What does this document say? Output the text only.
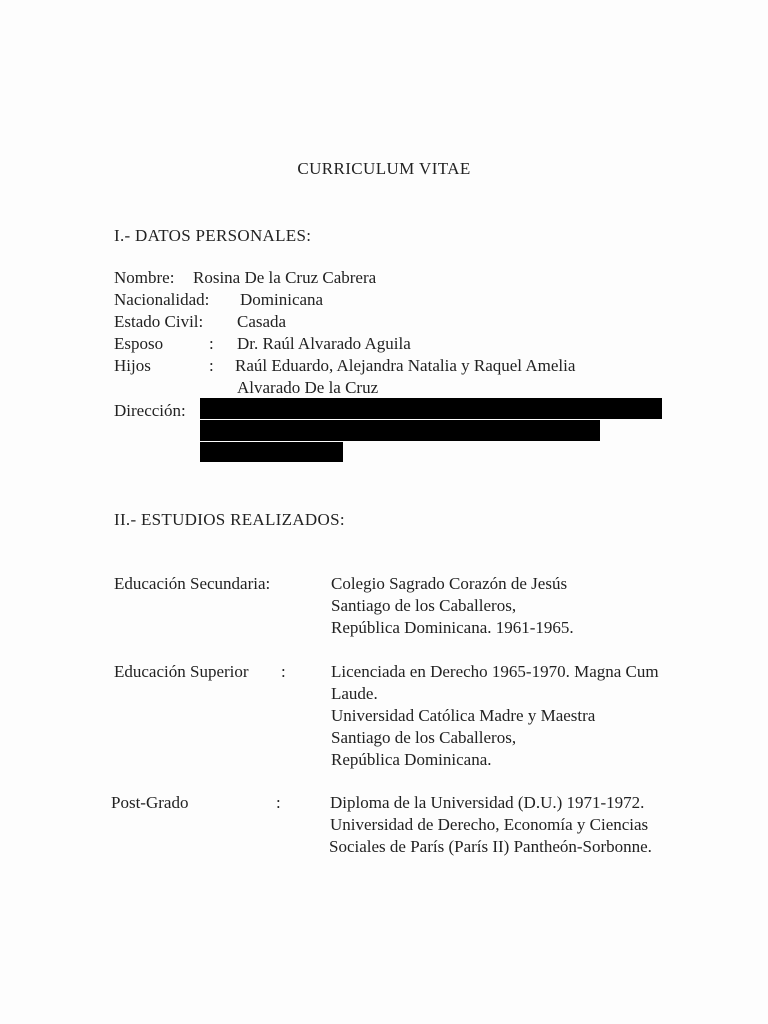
CURRICULUM VITAE
I.- DATOS PERSONALES:
Nombre: Rosina De la Cruz Cabrera
Nacionalidad: Dominicana
Estado Civil: Casada
Esposo	: Dr. Raúl Alvarado Aguila
Hijos	: Raúl Eduardo, Alejandra Natalia y Raquel Amelia
Alvarado De la Cruz
Dirección:
II.- ESTUDIOS REALIZADOS:
Educación Secundaria:	Colegio Sagrado Corazón de Jesús
Santiago de los Caballeros,
República Dominicana. 1961-1965.
Educación Superior :	Licenciada en Derecho 1965-1970. Magna Cum
Laude.
Universidad Católica Madre y Maestra
Santiago de los Caballeros,
República Dominicana.
Post-Grado	:	Diploma de la Universidad (D.U.) 1971-1972.
Universidad de Derecho, Economía y Ciencias
Sociales de París (París II) Pantheón-Sorbonne.
